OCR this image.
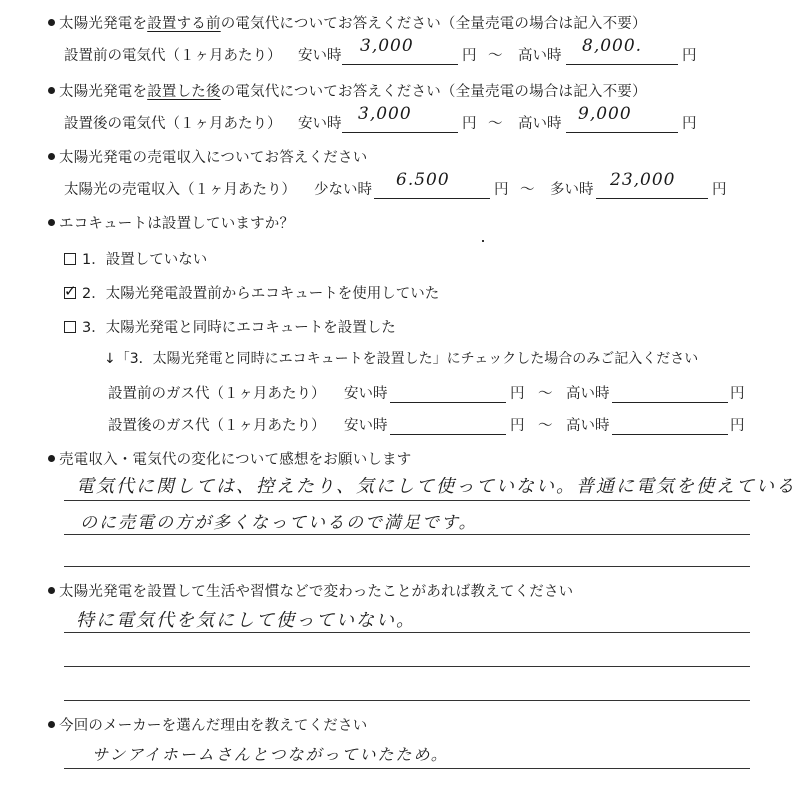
太陽光発電を設置する前の電気代についてお答えください（全量売電の場合は記入不要）
設置前の電気代（１ヶ月あたり） 安い時 3,000	円 ～ 高い時 8,000.	円
太陽光発電を設置した後の電気代についてお答えください（全量売電の場合は記入不要）
設置後の電気代（１ヶ月あたり） 安い時 3,000	円 ～ 高い時 9,000	円
太陽光発電の売電収入についてお答えください
太陽光の売電収入（１ヶ月あたり） 少ない時 6.500	円 ～ 多い時 23,000	円
エコキュートは設置していますか？
1．設置していない
✓ 2．太陽光発電設置前からエコキュートを使用していた
3．太陽光発電と同時にエコキュートを設置した
↓「3．太陽光発電と同時にエコキュートを設置した」にチェックした場合のみご記入ください
設置前のガス代（１ヶ月あたり） 安い時	円 ～ 高い時	円
設置後のガス代（１ヶ月あたり） 安い時	円 ～ 高い時	円
売電収入・電気代の変化について感想をお願いします
電気代に関しては、控えたり、気にして使っていない。普通に電気を使えている
のに売電の方が多くなっているので満足です。
太陽光発電を設置して生活や習慣などで変わったことがあれば教えてください
特に電気代を気にして使っていない。
今回のメーカーを選んだ理由を教えてください
サンアイホームさんとつながっていたため。
